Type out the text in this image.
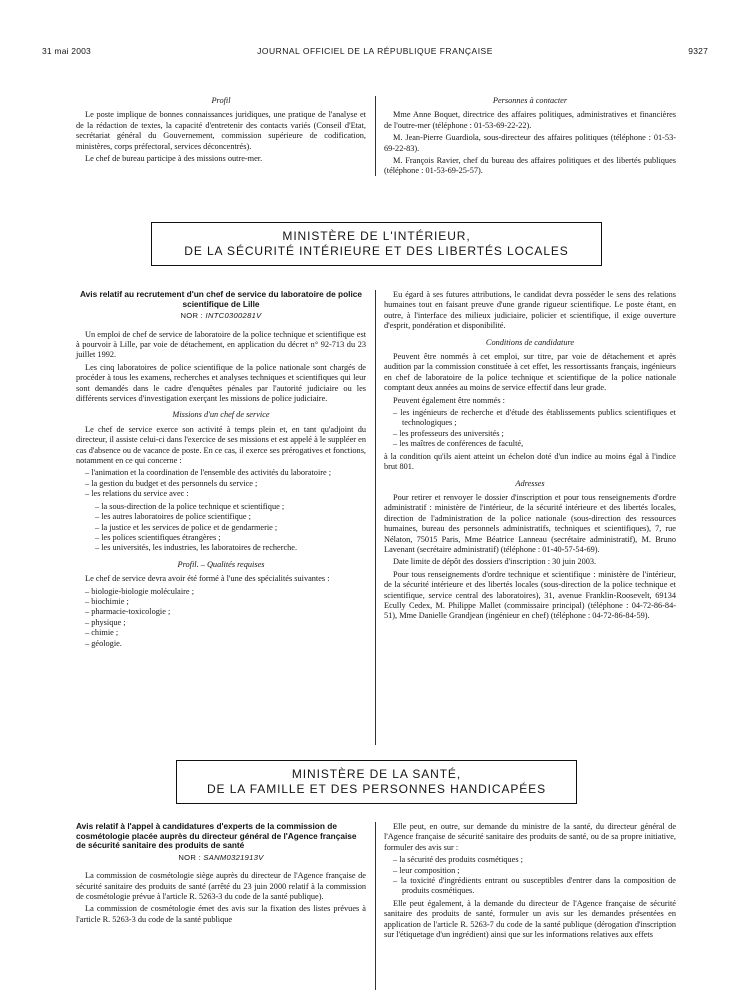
31 mai 2003	JOURNAL OFFICIEL DE LA RÉPUBLIQUE FRANÇAISE	9327
Profil

Le poste implique de bonnes connaissances juridiques, une pratique de l'analyse et de la rédaction de textes, la capacité d'entretenir des contacts variés (Conseil d'Etat, secrétariat général du Gouvernement, commission supérieure de codification, ministères, corps préfectoral, services déconcentrés).

Le chef de bureau participe à des missions outre-mer.

Personnes à contacter

Mme Anne Boquet, directrice des affaires politiques, administratives et financières de l'outre-mer (téléphone : 01-53-69-22-22).

M. Jean-Pierre Guardiola, sous-directeur des affaires politiques (téléphone : 01-53-69-22-83).

M. François Ravier, chef du bureau des affaires politiques et des libertés publiques (téléphone : 01-53-69-25-57).

MINISTÈRE DE L'INTÉRIEUR,
DE LA SÉCURITÉ INTÉRIEURE ET DES LIBERTÉS LOCALES
Avis relatif au recrutement d'un chef de service du laboratoire de police scientifique de Lille
NOR : INTC0300281V

Un emploi de chef de service de laboratoire de la police technique et scientifique est à pourvoir à Lille, par voie de détachement, en application du décret n° 92-713 du 23 juillet 1992.

Les cinq laboratoires de police scientifique de la police nationale sont chargés de procéder à tous les examens, recherches et analyses techniques et scientifiques qui leur sont demandés dans le cadre d'enquêtes pénales par l'autorité judiciaire ou les différents services d'investigation exerçant les missions de police judiciaire.

Missions d'un chef de service

Le chef de service exerce son activité à temps plein et, en tant qu'adjoint du directeur, il assiste celui-ci dans l'exercice de ses missions et est appelé à le suppléer en cas d'absence ou de vacance de poste. En ce cas, il exerce ses prérogatives et fonctions, notamment en ce qui concerne :

– l'animation et la coordination de l'ensemble des activités du laboratoire ;
– la gestion du budget et des personnels du service ;
– les relations du service avec :
– la sous-direction de la police technique et scientifique ;
– les autres laboratoires de police scientifique ;
– la justice et les services de police et de gendarmerie ;
– les polices scientifiques étrangères ;
– les universités, les industries, les laboratoires de recherche.
Profil. – Qualités requises

Le chef de service devra avoir été formé à l'une des spécialités suivantes :

– biologie-biologie moléculaire ;
– biochimie ;
– pharmacie-toxicologie ;
– physique ;
– chimie ;
– géologie.

Eu égard à ses futures attributions, le candidat devra posséder le sens des relations humaines tout en faisant preuve d'une grande rigueur scientifique. Le poste étant, en outre, à l'interface des milieux judiciaire, policier et scientifique, il exige ouverture d'esprit, pondération et disponibilité.

Conditions de candidature

Peuvent être nommés à cet emploi, sur titre, par voie de détachement et après audition par la commission constituée à cet effet, les ressortissants français, ingénieurs en chef de laboratoire de la police technique et scientifique de la police nationale comptant deux années au moins de service effectif dans leur grade.

Peuvent également être nommés :

– les ingénieurs de recherche et d'étude des établissements publics scientifiques et technologiques ;
– les professeurs des universités ;
– les maîtres de conférences de faculté,

à la condition qu'ils aient atteint un échelon doté d'un indice au moins égal à l'indice brut 801.

Adresses

Pour retirer et renvoyer le dossier d'inscription et pour tous renseignements d'ordre administratif : ministère de l'intérieur, de la sécurité intérieure et des libertés locales, direction de l'administration de la police nationale (sous-direction des ressources humaines, bureau des personnels administratifs, techniques et scientifiques), 7, rue Nélaton, 75015 Paris, Mme Béatrice Lanneau (secrétaire administratif), M. Bruno Lavenant (secrétaire administratif) (téléphone : 01-40-57-54-69).

Date limite de dépôt des dossiers d'inscription : 30 juin 2003.

Pour tous renseignements d'ordre technique et scientifique : ministère de l'intérieur, de la sécurité intérieure et des libertés locales (sous-direction de la police technique et scientifique, service central des laboratoires), 31, avenue Franklin-Roosevelt, 69134 Ecully Cedex, M. Philippe Mallet (commissaire principal) (téléphone : 04-72-86-84-51), Mme Danielle Grandjean (ingénieur en chef) (téléphone : 04-72-86-84-59).

MINISTÈRE DE LA SANTÉ,
DE LA FAMILLE ET DES PERSONNES HANDICAPÉES
Avis relatif à l'appel à candidatures d'experts de la commission de cosmétologie placée auprès du directeur général de l'Agence française de sécurité sanitaire des produits de santé
NOR : SANM0321913V

La commission de cosmétologie siège auprès du directeur de l'Agence française de sécurité sanitaire des produits de santé (arrêté du 23 juin 2000 relatif à la commission de cosmétologie prévue à l'article R. 5263-3 du code de la santé publique).

La commission de cosmétologie émet des avis sur la fixation des listes prévues à l'article R. 5263-3 du code de la santé publique

Elle peut, en outre, sur demande du ministre de la santé, du directeur général de l'Agence française de sécurité sanitaire des produits de santé, ou de sa propre initiative, formuler des avis sur :

– la sécurité des produits cosmétiques ;
– leur composition ;
– la toxicité d'ingrédients entrant ou susceptibles d'entrer dans la composition de produits cosmétiques.

Elle peut également, à la demande du directeur de l'Agence française de sécurité sanitaire des produits de santé, formuler un avis sur les demandes présentées en application de l'article R. 5263-7 du code de la santé publique (dérogation d'inscription sur l'étiquetage d'un ingrédient) ainsi que sur les informations relatives aux effets
